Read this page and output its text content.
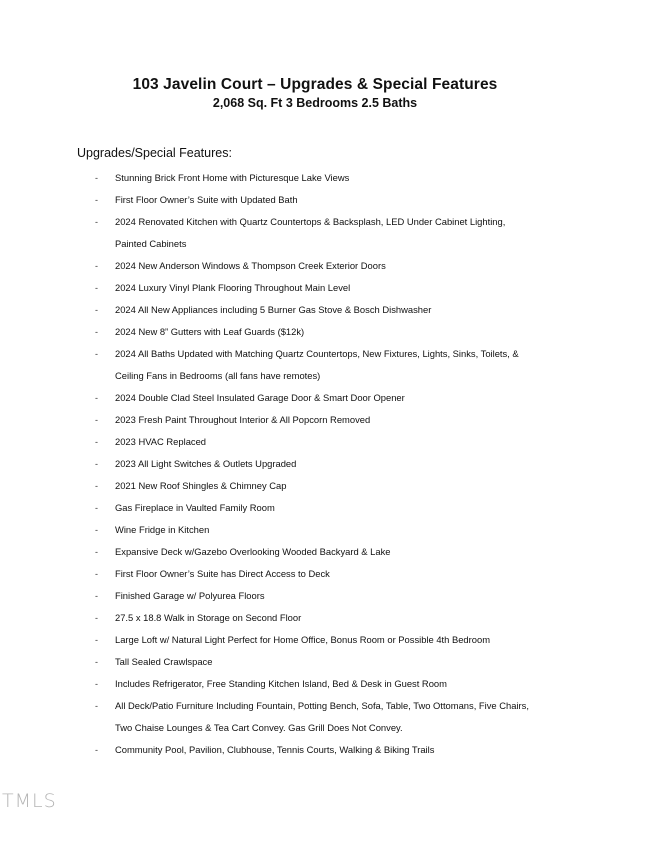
103 Javelin Court – Upgrades & Special Features
2,068 Sq. Ft 3 Bedrooms 2.5 Baths
Upgrades/Special Features:
- Stunning Brick Front Home with Picturesque Lake Views
- First Floor Owner’s Suite with Updated Bath
- 2024 Renovated Kitchen with Quartz Countertops & Backsplash, LED Under Cabinet Lighting,
Painted Cabinets
- 2024 New Anderson Windows & Thompson Creek Exterior Doors
- 2024 Luxury Vinyl Plank Flooring Throughout Main Level
- 2024 All New Appliances including 5 Burner Gas Stove & Bosch Dishwasher
- 2024 New 8” Gutters with Leaf Guards ($12k)
- 2024 All Baths Updated with Matching Quartz Countertops, New Fixtures, Lights, Sinks, Toilets, &
Ceiling Fans in Bedrooms (all fans have remotes)
- 2024 Double Clad Steel Insulated Garage Door & Smart Door Opener
- 2023 Fresh Paint Throughout Interior & All Popcorn Removed
- 2023 HVAC Replaced
- 2023 All Light Switches & Outlets Upgraded
- 2021 New Roof Shingles & Chimney Cap
- Gas Fireplace in Vaulted Family Room
- Wine Fridge in Kitchen
- Expansive Deck w/Gazebo Overlooking Wooded Backyard & Lake
- First Floor Owner’s Suite has Direct Access to Deck
- Finished Garage w/ Polyurea Floors
- 27.5 x 18.8 Walk in Storage on Second Floor
- Large Loft w/ Natural Light Perfect for Home Office, Bonus Room or Possible 4th Bedroom
- Tall Sealed Crawlspace
- Includes Refrigerator, Free Standing Kitchen Island, Bed & Desk in Guest Room
- All Deck/Patio Furniture Including Fountain, Potting Bench, Sofa, Table, Two Ottomans, Five Chairs,
Two Chaise Lounges & Tea Cart Convey. Gas Grill Does Not Convey.
- Community Pool, Pavilion, Clubhouse, Tennis Courts, Walking & Biking Trails
TMLS
